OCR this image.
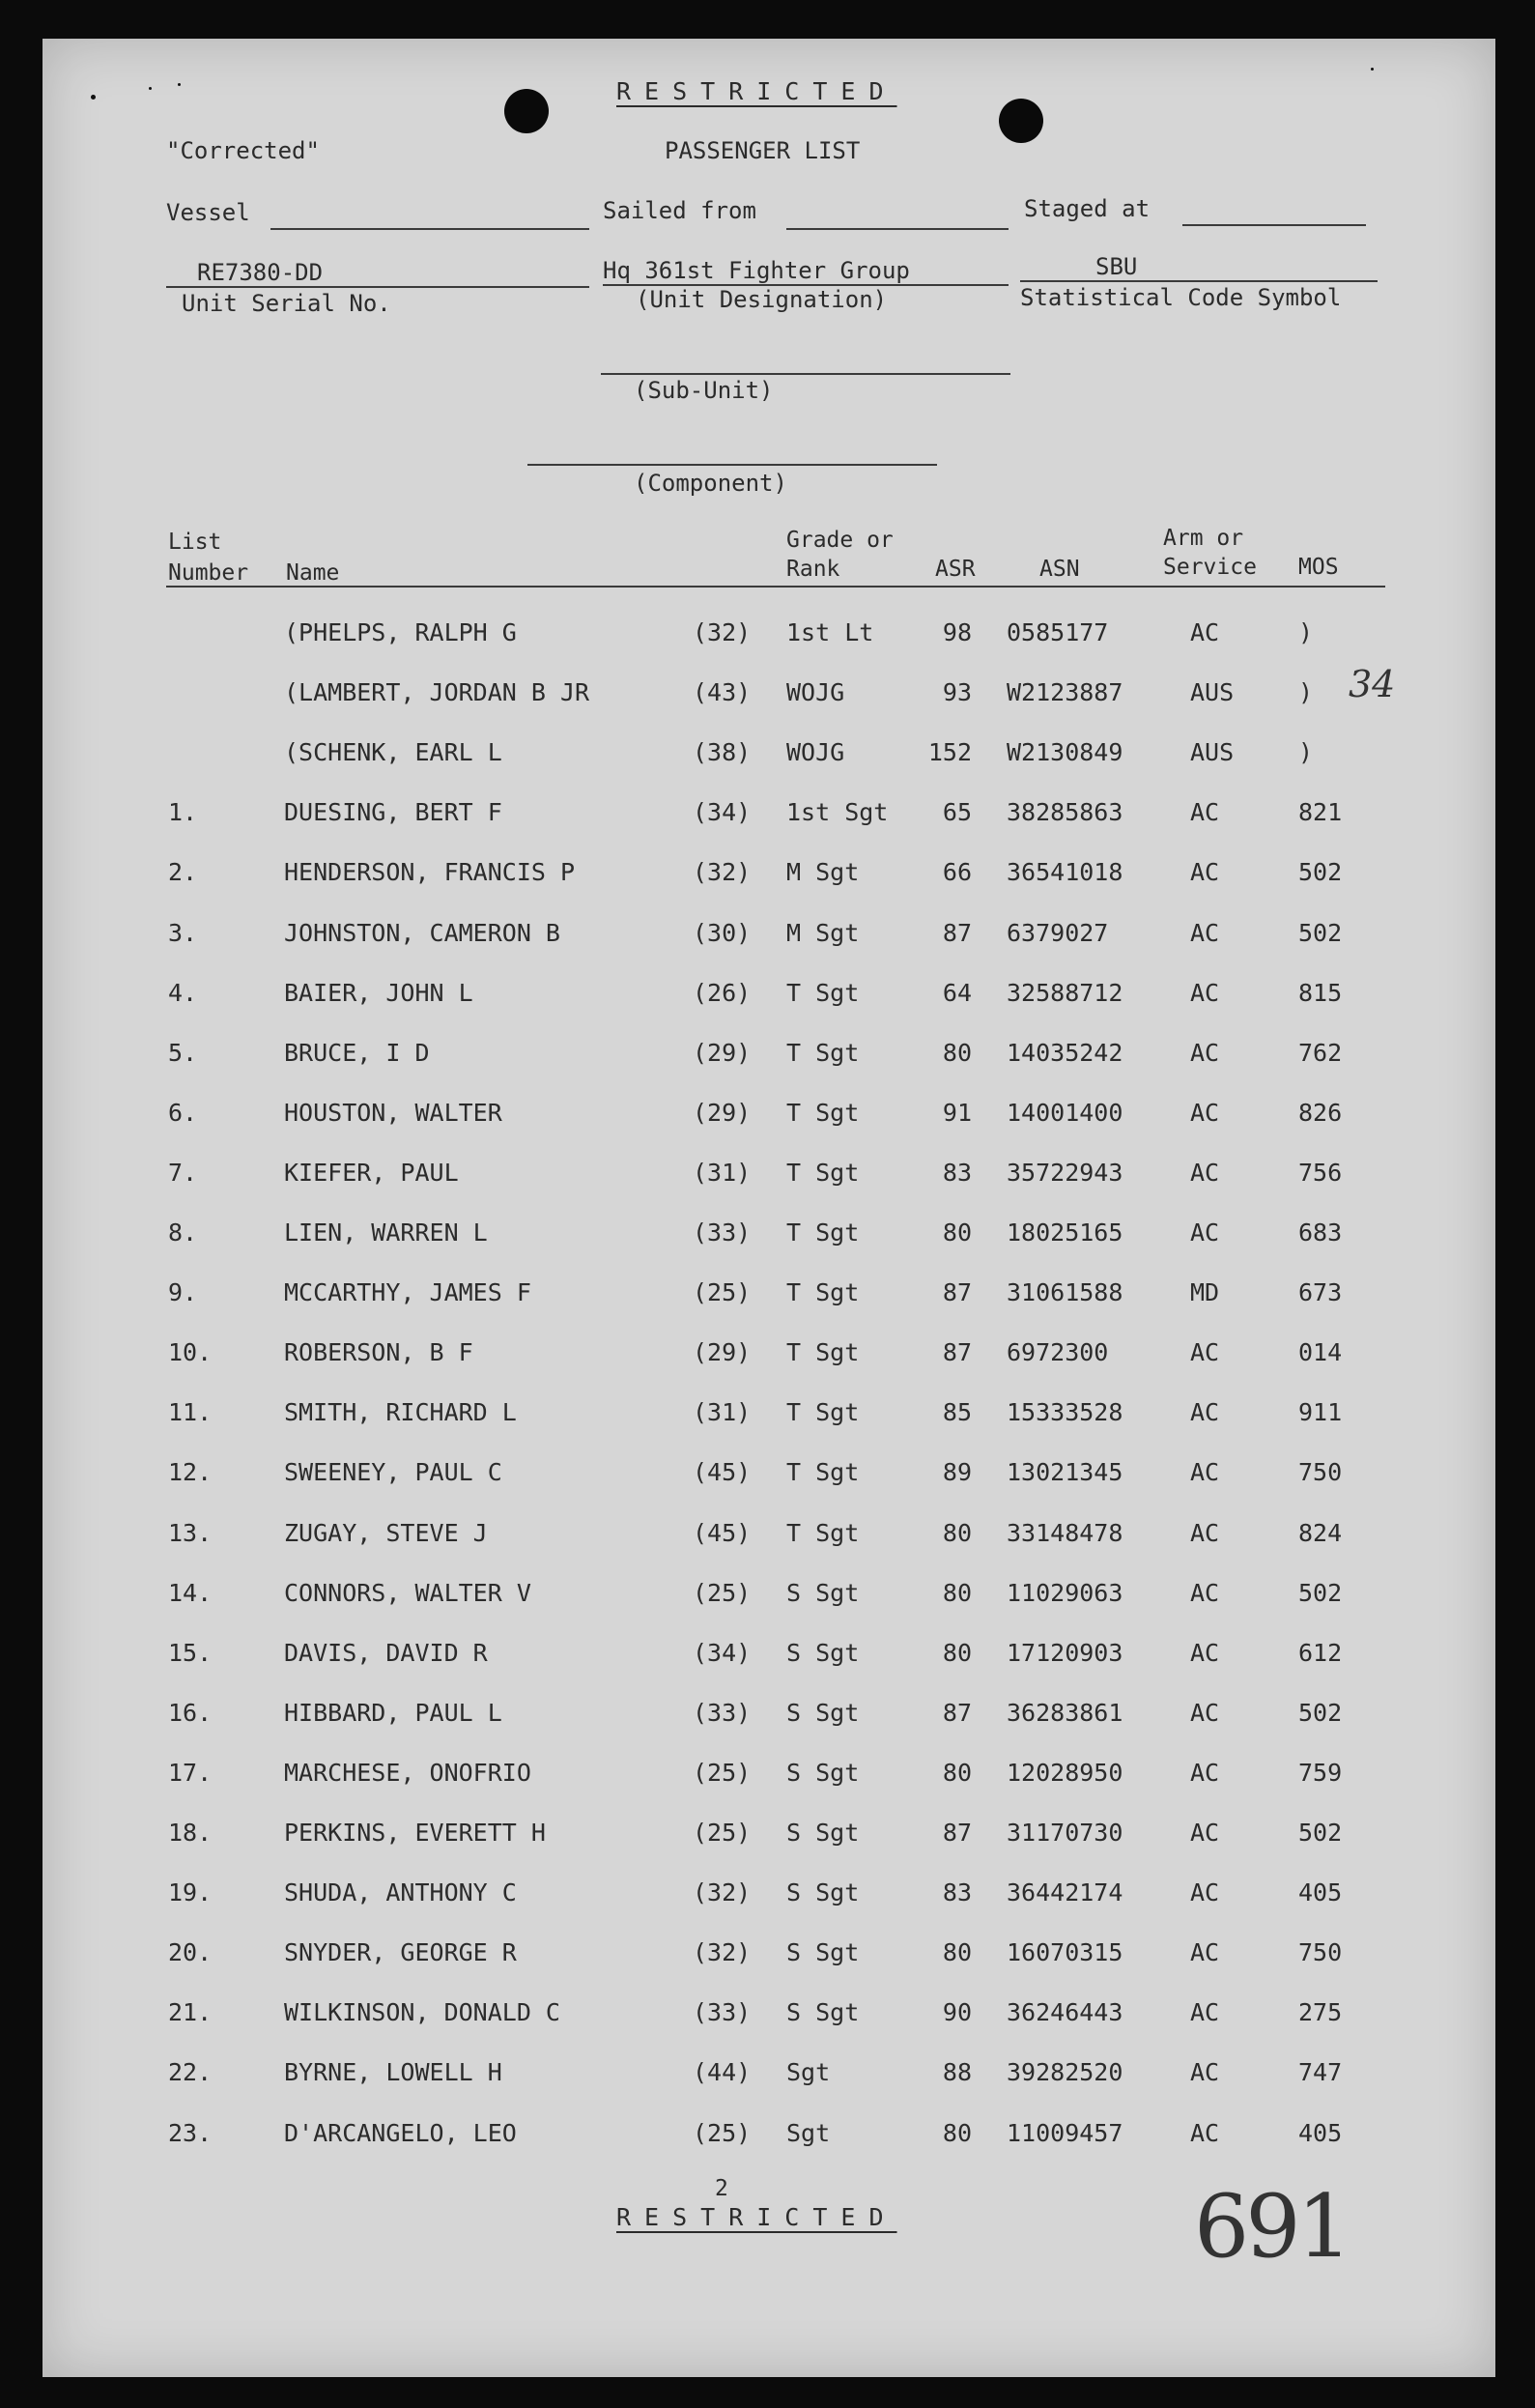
RESTRICTED
"Corrected"	PASSENGER LIST
Vessel	Sailed from	Staged at
RE7380-DD
Unit Serial No.
Hq 361st Fighter Group
(Unit Designation)
SBU
Statistical Code Symbol
(Sub-Unit)
(Component)
List
Number Name
Grade or
Rank	ASR	ASN
Arm or
Service MOS
(PHELPS, RALPH G	(32) 1st Lt	98 0585177	AC	)
(LAMBERT, JORDAN B JR	(43) WOJG	93 W2123887	AUS	)
(SCHENK, EARL L	(38) WOJG	152 W2130849	AUS	)
1.	DUESING, BERT F	(34) 1st Sgt	65 38285863	AC	821
2.	HENDERSON, FRANCIS P	(32) M Sgt	66 36541018	AC	502
3.	JOHNSTON, CAMERON B	(30) M Sgt	87 6379027	AC	502
4.	BAIER, JOHN L	(26) T Sgt	64 32588712	AC	815
5.	BRUCE, I D	(29) T Sgt	80 14035242	AC	762
6.	HOUSTON, WALTER	(29) T Sgt	91 14001400	AC	826
7.	KIEFER, PAUL	(31) T Sgt	83 35722943	AC	756
8.	LIEN, WARREN L	(33) T Sgt	80 18025165	AC	683
9.	MCCARTHY, JAMES F	(25) T Sgt	87 31061588	MD	673
10.	ROBERSON, B F	(29) T Sgt	87 6972300	AC	014
11.	SMITH, RICHARD L	(31) T Sgt	85 15333528	AC	911
12.	SWEENEY, PAUL C	(45) T Sgt	89 13021345	AC	750
13.	ZUGAY, STEVE J	(45) T Sgt	80 33148478	AC	824
14.	CONNORS, WALTER V	(25) S Sgt	80 11029063	AC	502
15.	DAVIS, DAVID R	(34) S Sgt	80 17120903	AC	612
16.	HIBBARD, PAUL L	(33) S Sgt	87 36283861	AC	502
17.	MARCHESE, ONOFRIO	(25) S Sgt	80 12028950	AC	759
18.	PERKINS, EVERETT H	(25) S Sgt	87 31170730	AC	502
19.	SHUDA, ANTHONY C	(32) S Sgt	83 36442174	AC	405
20.	SNYDER, GEORGE R	(32) S Sgt	80 16070315	AC	750
21.	WILKINSON, DONALD C	(33) S Sgt	90 36246443	AC	275
22.	BYRNE, LOWELL H	(44) Sgt	88 39282520	AC	747
23.	D'ARCANGELO, LEO	(25) Sgt	80 11009457	AC	405
34
2
RESTRICTED	691
